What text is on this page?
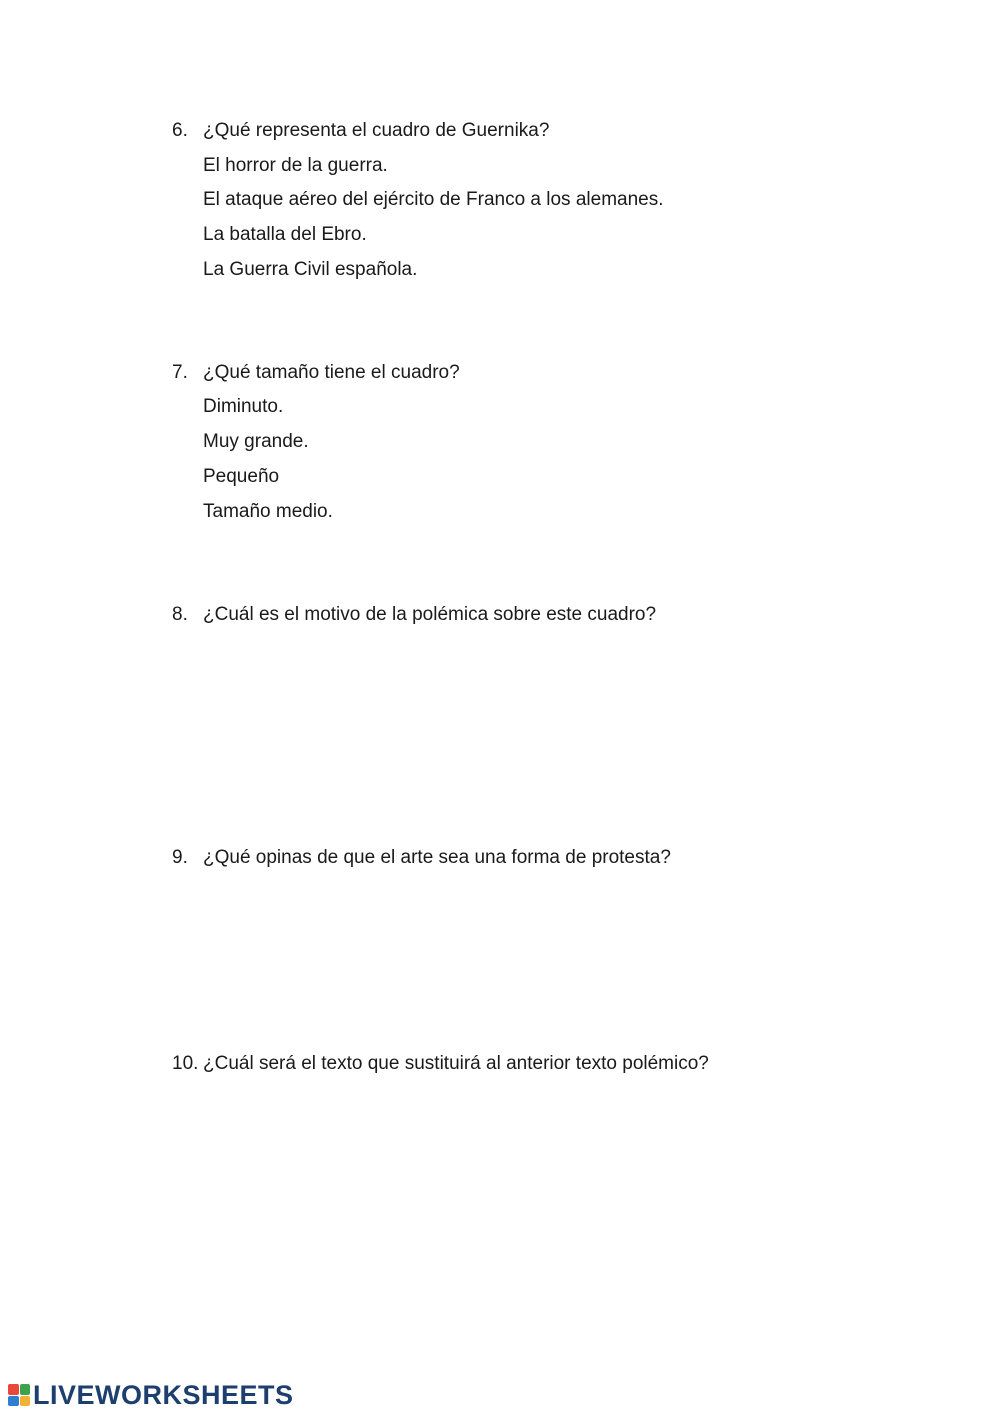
6. ¿Qué representa el cuadro de Guernika?
El horror de la guerra.
El ataque aéreo del ejército de Franco a los alemanes.
La batalla del Ebro.
La Guerra Civil española.
7. ¿Qué tamaño tiene el cuadro?
Diminuto.
Muy grande.
Pequeño
Tamaño medio.
8. ¿Cuál es el motivo de la polémica sobre este cuadro?
9. ¿Qué opinas de que el arte sea una forma de protesta?
10. ¿Cuál será el texto que sustituirá al anterior texto polémico?
LIVEWORKSHEETS
